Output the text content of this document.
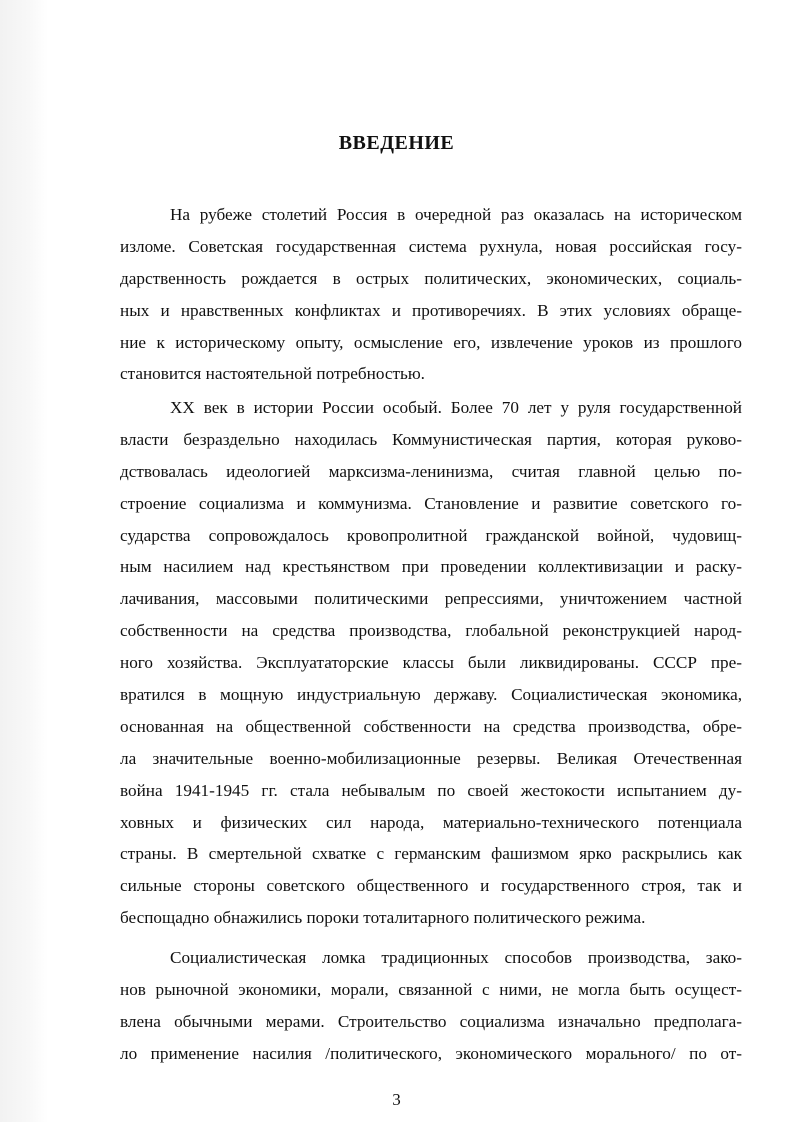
ВВЕДЕНИЕ
На рубеже столетий Россия в очередной раз оказалась на историческом
изломе. Советская государственная система рухнула, новая российская госу-
дарственность рождается в острых политических, экономических, социаль-
ных и нравственных конфликтах и противоречиях. В этих условиях обраще-
ние к историческому опыту, осмысление его, извлечение уроков из прошлого
становится настоятельной потребностью.
ХХ век в истории России особый. Более 70 лет у руля государственной
власти безраздельно находилась Коммунистическая партия, которая руково-
дствовалась идеологией марксизма-ленинизма, считая главной целью по-
строение социализма и коммунизма. Становление и развитие советского го-
сударства сопровождалось кровопролитной гражданской войной, чудовищ-
ным насилием над крестьянством при проведении коллективизации и раску-
лачивания, массовыми политическими репрессиями, уничтожением частной
собственности на средства производства, глобальной реконструкцией народ-
ного хозяйства. Эксплуататорские классы были ликвидированы. СССР пре-
вратился в мощную индустриальную державу. Социалистическая экономика,
основанная на общественной собственности на средства производства, обре-
ла значительные военно-мобилизационные резервы. Великая Отечественная
война 1941-1945 гг. стала небывалым по своей жестокости испытанием ду-
ховных и физических сил народа, материально-технического потенциала
страны. В смертельной схватке с германским фашизмом ярко раскрылись как
сильные стороны советского общественного и государственного строя, так и
беспощадно обнажились пороки тоталитарного политического режима.
Социалистическая ломка традиционных способов производства, зако-
нов рыночной экономики, морали, связанной с ними, не могла быть осущест-
влена обычными мерами. Строительство социализма изначально предполага-
ло применение насилия /политического, экономического морального/ по от-

3
